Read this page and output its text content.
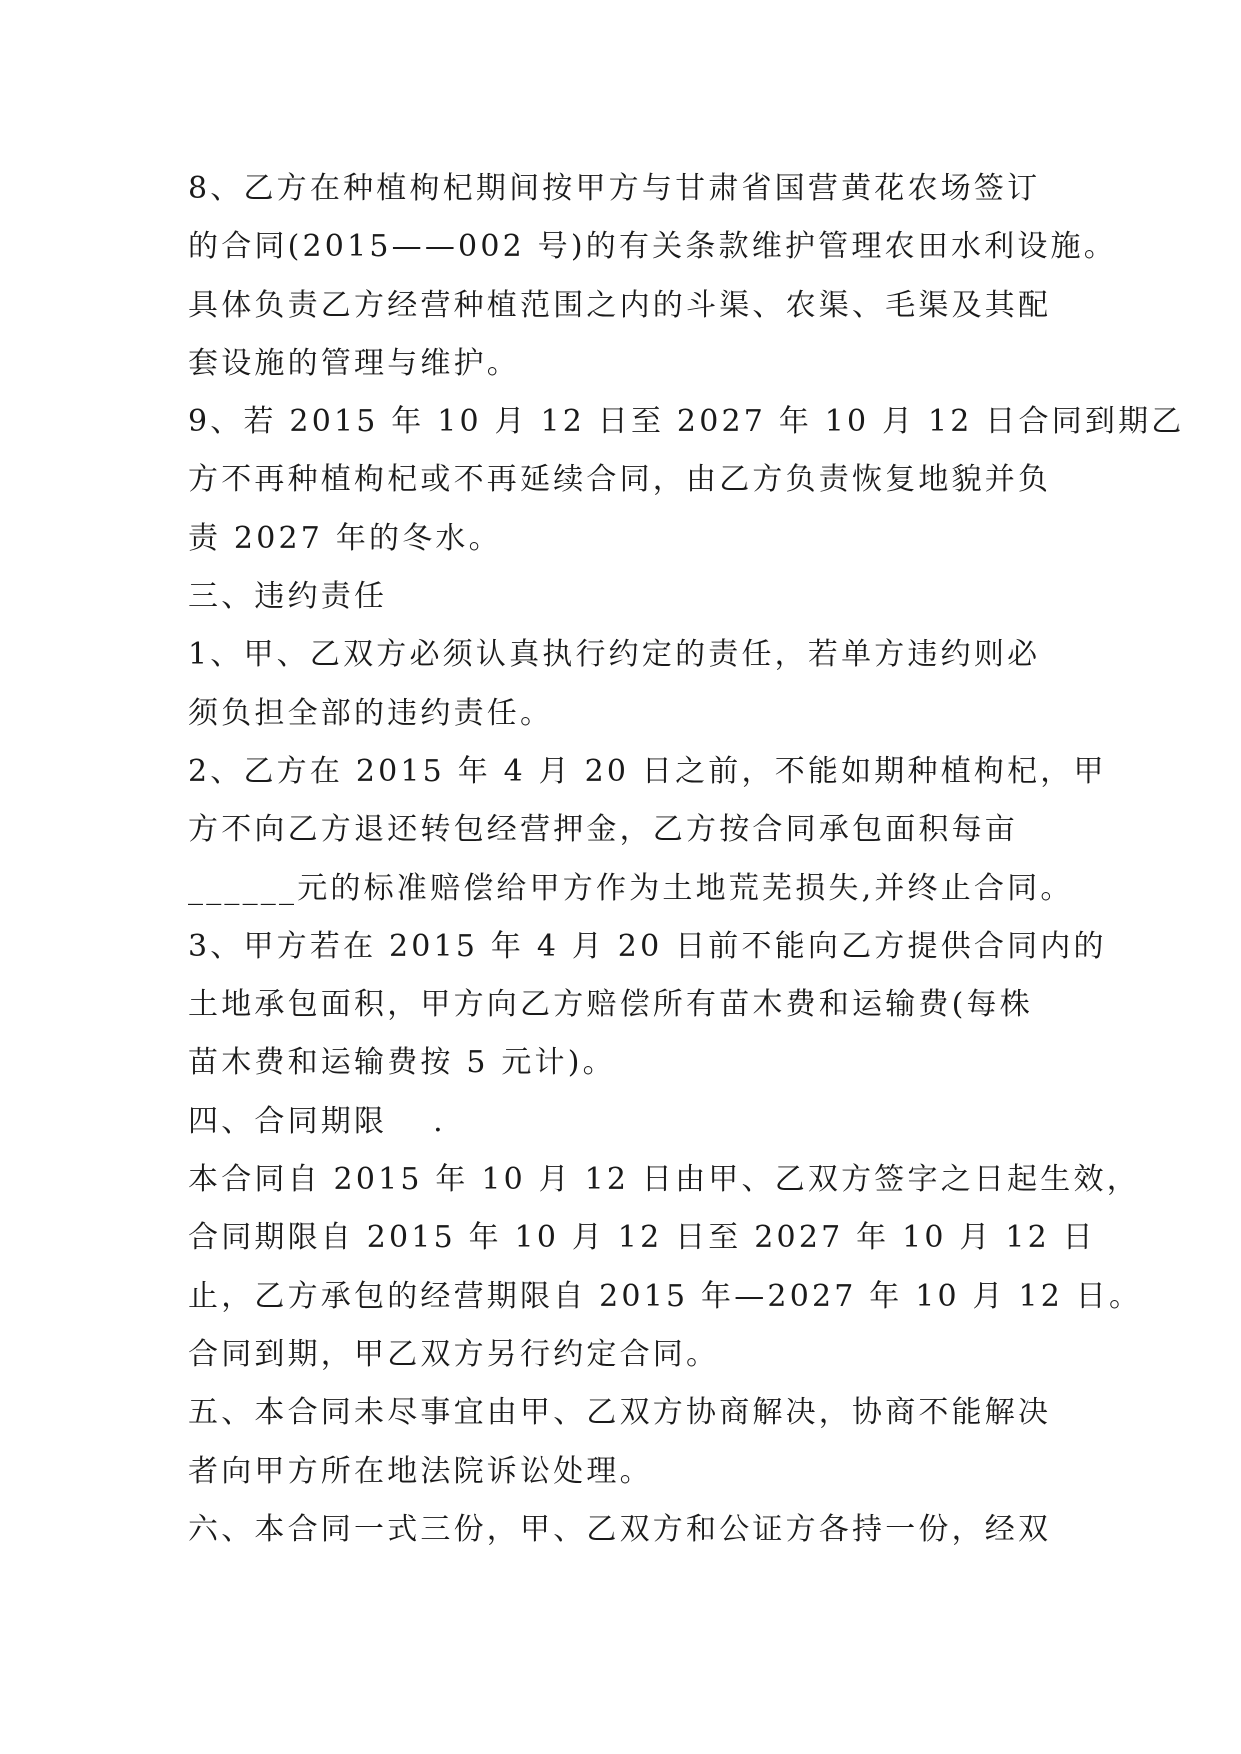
8、乙方在种植枸杞期间按甲方与甘肃省国营黄花农场签订
的合同(2015——002 号)的有关条款维护管理农田水利设施。
具体负责乙方经营种植范围之内的斗渠、农渠、毛渠及其配
套设施的管理与维护。
9、若 2015 年 10 月 12 日至 2027 年 10 月 12 日合同到期乙
方不再种植枸杞或不再延续合同，由乙方负责恢复地貌并负
责 2027 年的冬水。
三、违约责任
1、甲、乙双方必须认真执行约定的责任，若单方违约则必
须负担全部的违约责任。
2、乙方在 2015 年 4 月 20 日之前，不能如期种植枸杞，甲
方不向乙方退还转包经营押金，乙方按合同承包面积每亩
______元的标准赔偿给甲方作为土地荒芜损失,并终止合同。
3、甲方若在 2015 年 4 月 20 日前不能向乙方提供合同内的
土地承包面积，甲方向乙方赔偿所有苗木费和运输费(每株
苗木费和运输费按 5 元计)。
四、合同期限　 .
本合同自 2015 年 10 月 12 日由甲、乙双方签字之日起生效，
合同期限自 2015 年 10 月 12 日至 2027 年 10 月 12 日
止，乙方承包的经营期限自 2015 年—2027 年 10 月 12 日。
合同到期，甲乙双方另行约定合同。
五、本合同未尽事宜由甲、乙双方协商解决，协商不能解决
者向甲方所在地法院诉讼处理。
六、本合同一式三份，甲、乙双方和公证方各持一份，经双
